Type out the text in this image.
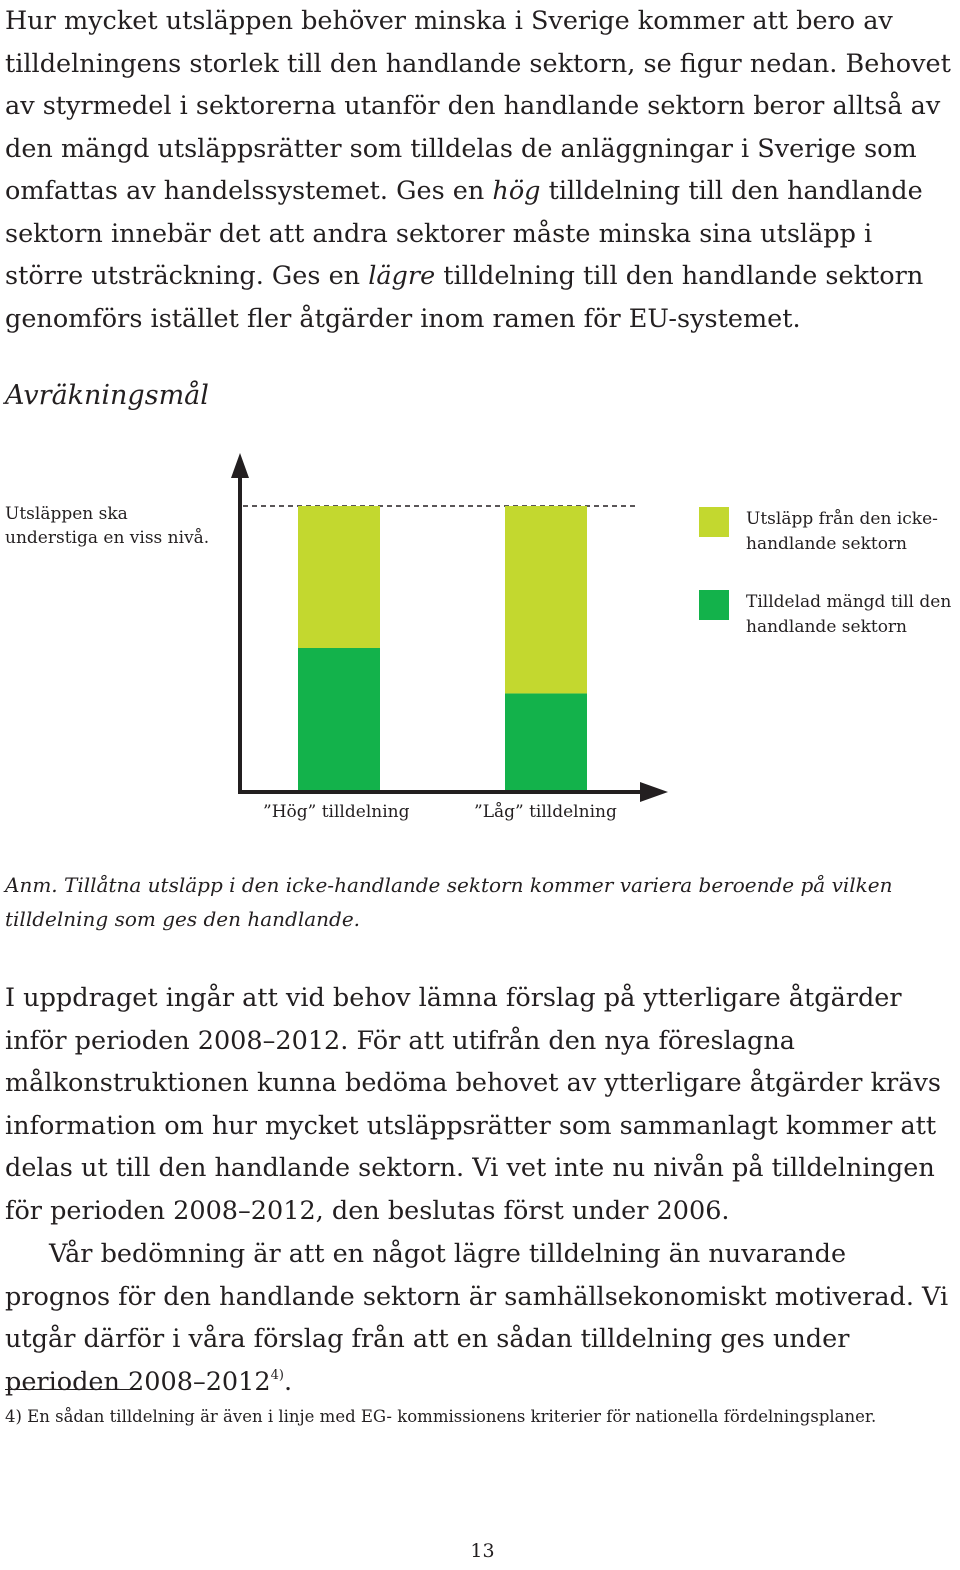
Hur mycket utsläppen behöver minska i Sverige kommer att bero av tilldelningens storlek till den handlande sektorn, se figur nedan. Behovet av styrmedel i sektorerna utanför den handlande sektorn beror alltså av den mängd utsläppsrätter som tilldelas de anläggningar i Sverige som omfattas av handelssystemet. Ges en hög tilldelning till den handlande sektorn innebär det att andra sektorer måste minska sina utsläpp i större utsträckning. Ges en lägre tilldelning till den handlande sektorn genomförs istället fler åtgärder inom ramen för EU-systemet.

Avräkningsmål

Utsläppen ska understiga en viss nivå.

Utsläpp från den icke-handlande sektorn
Tilldelad mängd till den handlande sektorn
”Hög” tilldelning	”Låg” tilldelning

Anm. Tillåtna utsläpp i den icke-handlande sektorn kommer variera beroende på vilken tilldelning som ges den handlande.

I uppdraget ingår att vid behov lämna förslag på ytterligare åtgärder inför perioden 2008–2012. För att utifrån den nya föreslagna målkonstruktionen kunna bedöma behovet av ytterligare åtgärder krävs information om hur mycket utsläppsrätter som sammanlagt kommer att delas ut till den handlande sektorn. Vi vet inte nu nivån på tilldelningen för perioden 2008–2012, den beslutas först under 2006.

Vår bedömning är att en något lägre tilldelning än nuvarande prognos för den handlande sektorn är samhällsekonomiskt motiverad. Vi utgår därför i våra förslag från att en sådan tilldelning ges under perioden 2008–2012$^{4)}$.

4) En sådan tilldelning är även i linje med EG- kommissionens kriterier för nationella fördelningsplaner.

13
